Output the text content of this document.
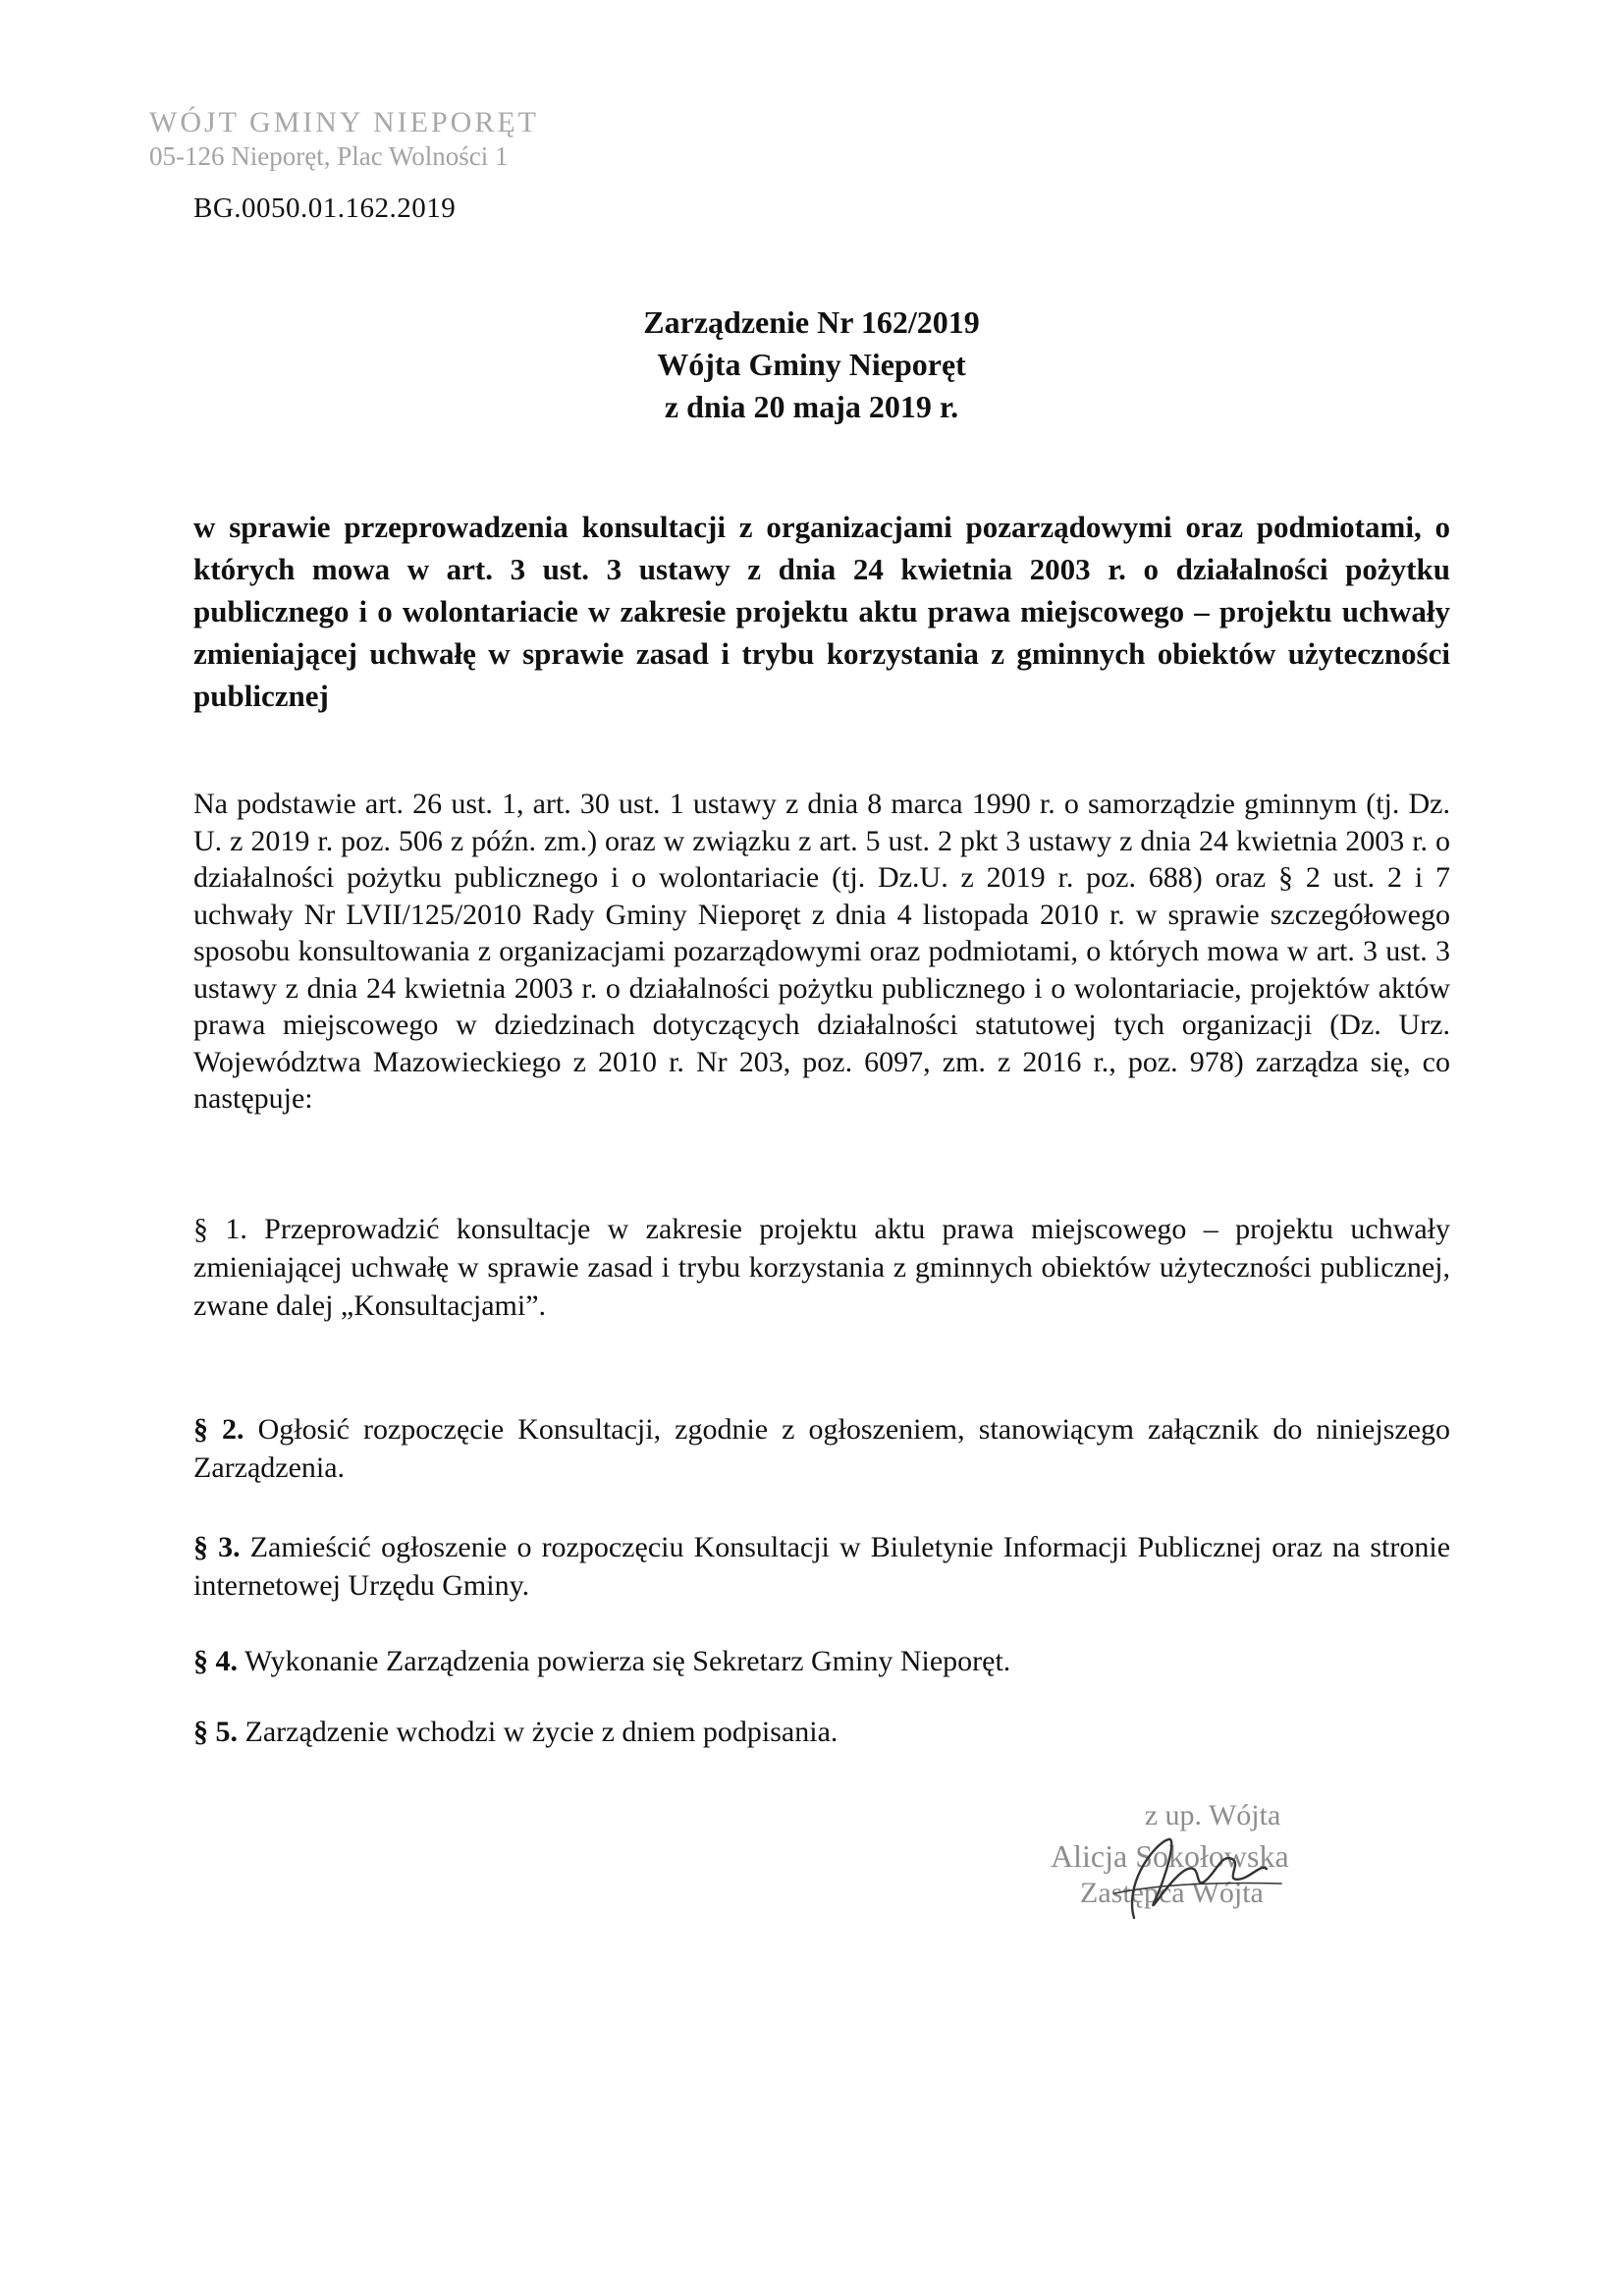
WÓJT GMINY NIEPORĘT
05-126 Nieporęt, Plac Wolności 1
BG.0050.01.162.2019
Zarządzenie Nr 162/2019
Wójta Gminy Nieporęt
z dnia 20 maja 2019 r.
w sprawie przeprowadzenia konsultacji z organizacjami pozarządowymi oraz podmiotami, o których mowa w art. 3 ust. 3 ustawy z dnia 24 kwietnia 2003 r. o działalności pożytku publicznego i o wolontariacie w zakresie projektu aktu prawa miejscowego – projektu uchwały zmieniającej uchwałę w sprawie zasad i trybu korzystania z gminnych obiektów użyteczności publicznej
Na podstawie art. 26 ust. 1, art. 30 ust. 1 ustawy z dnia 8 marca 1990 r. o samorządzie gminnym (tj. Dz. U. z 2019 r. poz. 506 z późn. zm.) oraz w związku z art. 5 ust. 2 pkt 3 ustawy z dnia 24 kwietnia 2003 r. o działalności pożytku publicznego i o wolontariacie (tj. Dz.U. z 2019 r. poz. 688) oraz § 2 ust. 2 i 7 uchwały Nr LVII/125/2010 Rady Gminy Nieporęt z dnia 4 listopada 2010 r. w sprawie szczegółowego sposobu konsultowania z organizacjami pozarządowymi oraz podmiotami, o których mowa w art. 3 ust. 3 ustawy z dnia 24 kwietnia 2003 r. o działalności pożytku publicznego i o wolontariacie, projektów aktów prawa miejscowego w dziedzinach dotyczących działalności statutowej tych organizacji (Dz. Urz. Województwa Mazowieckiego z 2010 r. Nr 203, poz. 6097, zm. z 2016 r., poz. 978) zarządza się, co następuje:
§ 1. Przeprowadzić konsultacje w zakresie projektu aktu prawa miejscowego – projektu uchwały zmieniającej uchwałę w sprawie zasad i trybu korzystania z gminnych obiektów użyteczności publicznej, zwane dalej „Konsultacjami”.
§ 2. Ogłosić rozpoczęcie Konsultacji, zgodnie z ogłoszeniem, stanowiącym załącznik do niniejszego Zarządzenia.
§ 3. Zamieścić ogłoszenie o rozpoczęciu Konsultacji w Biuletynie Informacji Publicznej oraz na stronie internetowej Urzędu Gminy.
§ 4. Wykonanie Zarządzenia powierza się Sekretarz Gminy Nieporęt.
§ 5. Zarządzenie wchodzi w życie z dniem podpisania.
z up. Wójta
Alicja Sokołowska
Zastępca Wójta
